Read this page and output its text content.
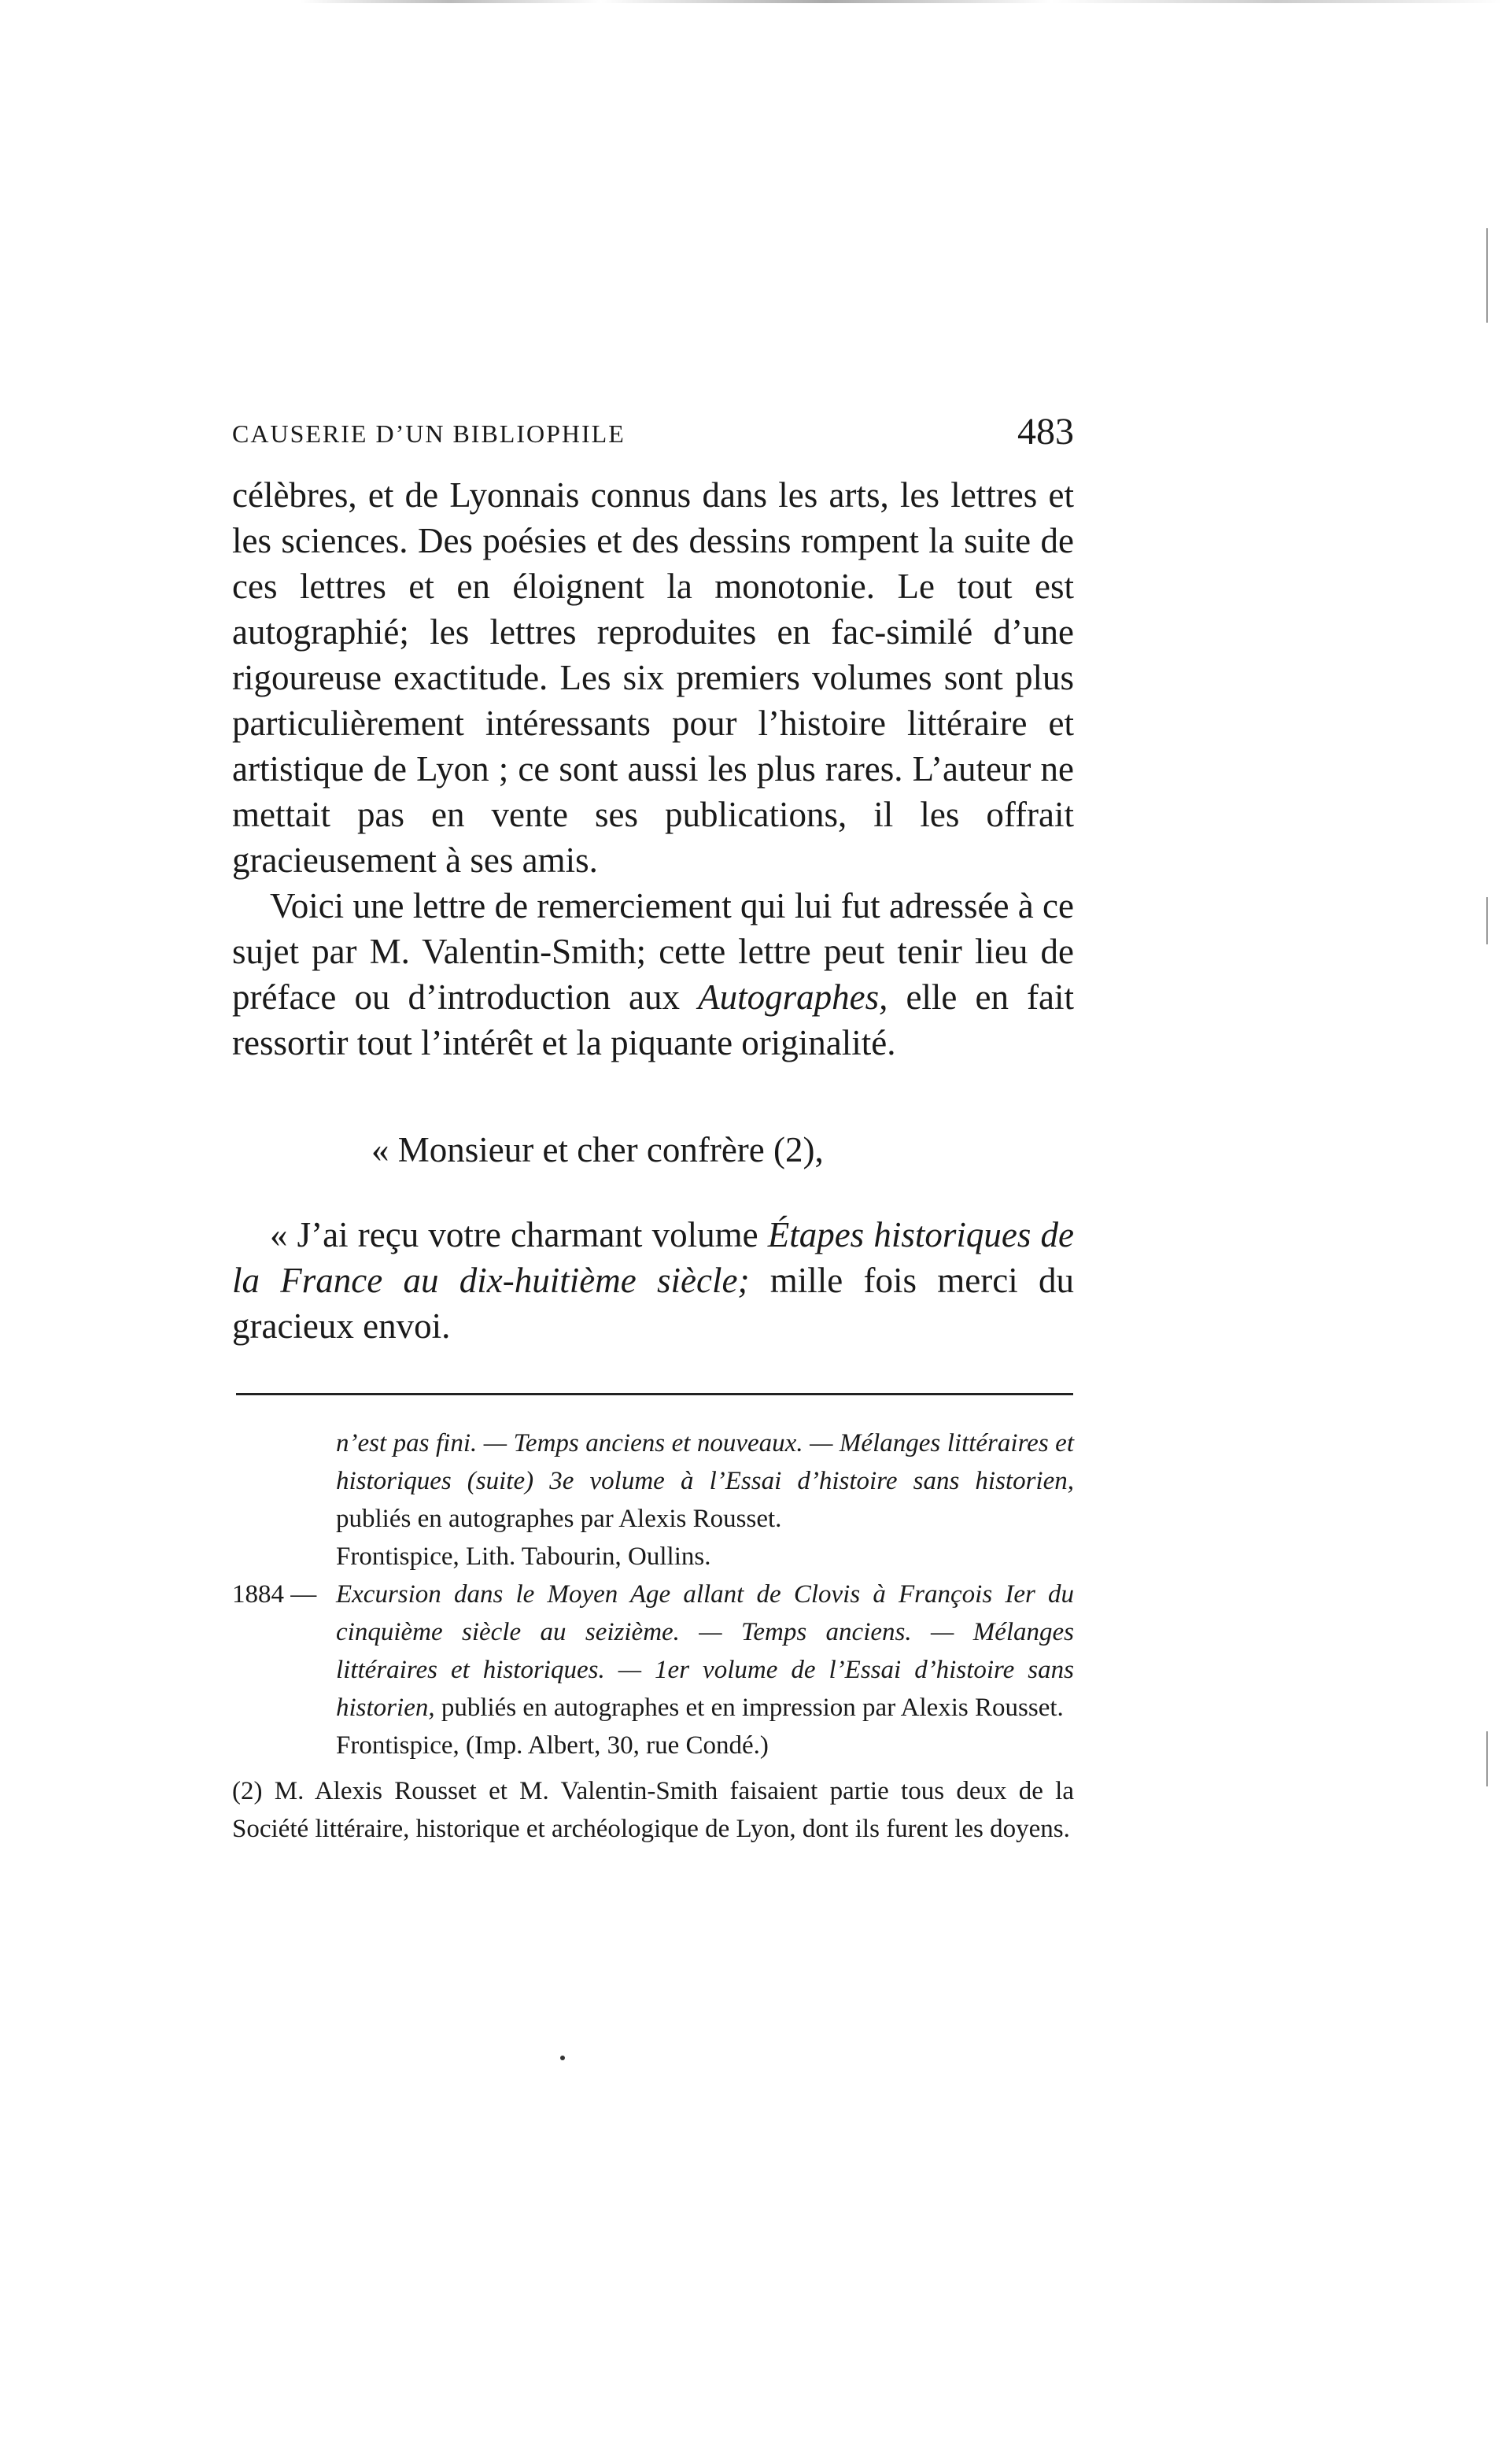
CAUSERIE D’UN BIBLIOPHILE	483

célèbres, et de Lyonnais connus dans les arts, les lettres et les sciences. Des poésies et des dessins rompent la suite de ces lettres et en éloignent la monotonie. Le tout est autographié; les lettres reproduites en fac-similé d’une rigoureuse exactitude. Les six premiers volumes sont plus particulièrement intéressants pour l’histoire littéraire et artistique de Lyon ; ce sont aussi les plus rares. L’auteur ne mettait pas en vente ses publications, il les offrait gracieusement à ses amis.

Voici une lettre de remerciement qui lui fut adressée à ce sujet par M. Valentin-Smith; cette lettre peut tenir lieu de préface ou d’introduction aux Autographes, elle en fait ressortir tout l’intérêt et la piquante originalité.

« Monsieur et cher confrère (2),
« J’ai reçu votre charmant volume Étapes historiques de la France au dix-huitième siècle; mille fois merci du gracieux envoi.

n’est pas fini. — Temps anciens et nouveaux. — Mélanges littéraires et historiques (suite) 3e volume à l’Essai d’histoire sans historien, publiés en autographes par Alexis Rousset.

Frontispice, Lith. Tabourin, Oullins.

1884 — Excursion dans le Moyen Age allant de Clovis à François Ier du cinquième siècle au seizième. — Temps anciens. — Mélanges littéraires et historiques. — 1er volume de l’Essai d’histoire sans historien, publiés en autographes et en impression par Alexis Rousset.

Frontispice, (Imp. Albert, 30, rue Condé.)

(2) M. Alexis Rousset et M. Valentin-Smith faisaient partie tous deux de la Société littéraire, historique et archéologique de Lyon, dont ils furent les doyens.
